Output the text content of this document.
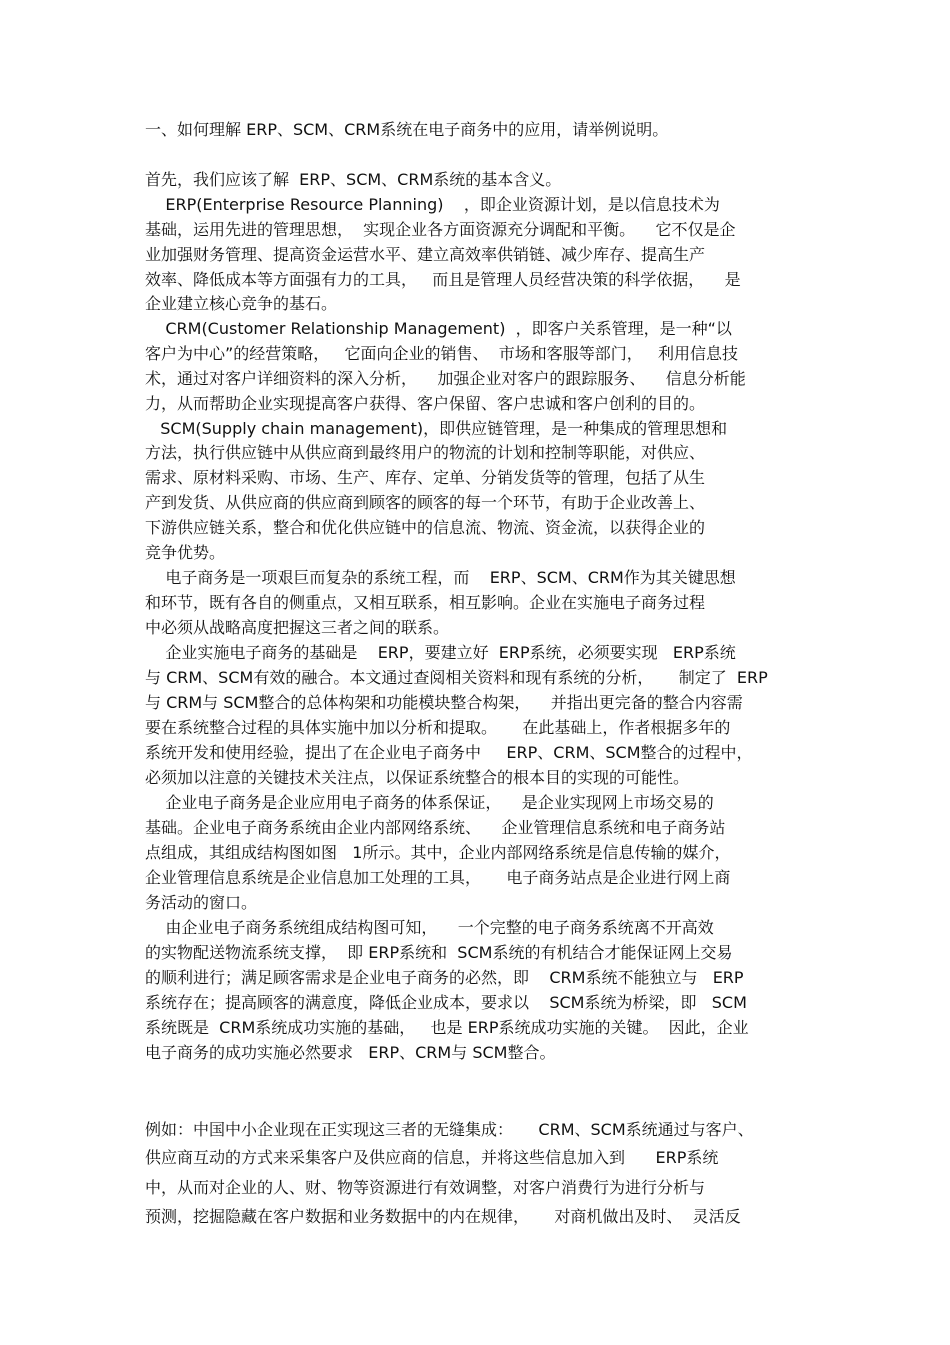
一、如何理解 ERP、SCM、CRM系统在电子商务中的应用，请举例说明。
首先，我们应该了解  ERP、SCM、CRM系统的基本含义。
ERP(Enterprise Resource Planning)    ，即企业资源计划，是以信息技术为
基础，运用先进的管理思想，  实现企业各方面资源充分调配和平衡。    它不仅是企
业加强财务管理、提高资金运营水平、建立高效率供销链、减少库存、提高生产
效率、降低成本等方面强有力的工具，   而且是管理人员经营决策的科学依据，    是
企业建立核心竞争的基石。
CRM(Customer Relationship Management)  ，即客户关系管理，是一种“以
客户为中心”的经营策略，   它面向企业的销售、  市场和客服等部门，   利用信息技
术，通过对客户详细资料的深入分析，    加强企业对客户的跟踪服务、    信息分析能
力，从而帮助企业实现提高客户获得、客户保留、客户忠诚和客户创利的目的。
SCM(Supply chain management)，即供应链管理，是一种集成的管理思想和
方法，执行供应链中从供应商到最终用户的物流的计划和控制等职能，对供应、
需求、原材料采购、市场、生产、库存、定单、分销发货等的管理，包括了从生
产到发货、从供应商的供应商到顾客的顾客的每一个环节，有助于企业改善上、
下游供应链关系，整合和优化供应链中的信息流、物流、资金流，以获得企业的
竞争优势。
电子商务是一项艰巨而复杂的系统工程，而    ERP、SCM、CRM作为其关键思想
和环节，既有各自的侧重点，又相互联系，相互影响。企业在实施电子商务过程
中必须从战略高度把握这三者之间的联系。
企业实施电子商务的基础是    ERP，要建立好  ERP系统，必须要实现   ERP系统
与 CRM、SCM有效的融合。本文通过查阅相关资料和现有系统的分析，     制定了  ERP
与 CRM与 SCM整合的总体构架和功能模块整合构架，    并指出更完备的整合内容需
要在系统整合过程的具体实施中加以分析和提取。     在此基础上，作者根据多年的
系统开发和使用经验，提出了在企业电子商务中     ERP、CRM、SCM整合的过程中，
必须加以注意的关键技术关注点，以保证系统整合的根本目的实现的可能性。
企业电子商务是企业应用电子商务的体系保证，    是企业实现网上市场交易的
基础。企业电子商务系统由企业内部网络系统、    企业管理信息系统和电子商务站
点组成，其组成结构图如图   1所示。其中，企业内部网络系统是信息传输的媒介，
企业管理信息系统是企业信息加工处理的工具，     电子商务站点是企业进行网上商
务活动的窗口。
由企业电子商务系统组成结构图可知，    一个完整的电子商务系统离不开高效
的实物配送物流系统支撑，  即 ERP系统和  SCM系统的有机结合才能保证网上交易
的顺利进行；满足顾客需求是企业电子商务的必然，即    CRM系统不能独立与   ERP
系统存在；提高顾客的满意度，降低企业成本，要求以    SCM系统为桥梁，即   SCM
系统既是  CRM系统成功实施的基础，   也是 ERP系统成功实施的关键。  因此，企业
电子商务的成功实施必然要求   ERP、CRM与 SCM整合。
例如：中国中小企业现在正实现这三者的无缝集成：     CRM、SCM系统通过与客户、
供应商互动的方式来采集客户及供应商的信息，并将这些信息加入到      ERP系统
中，从而对企业的人、财、物等资源进行有效调整，对客户消费行为进行分析与
预测，挖掘隐藏在客户数据和业务数据中的内在规律，     对商机做出及时、  灵活反
